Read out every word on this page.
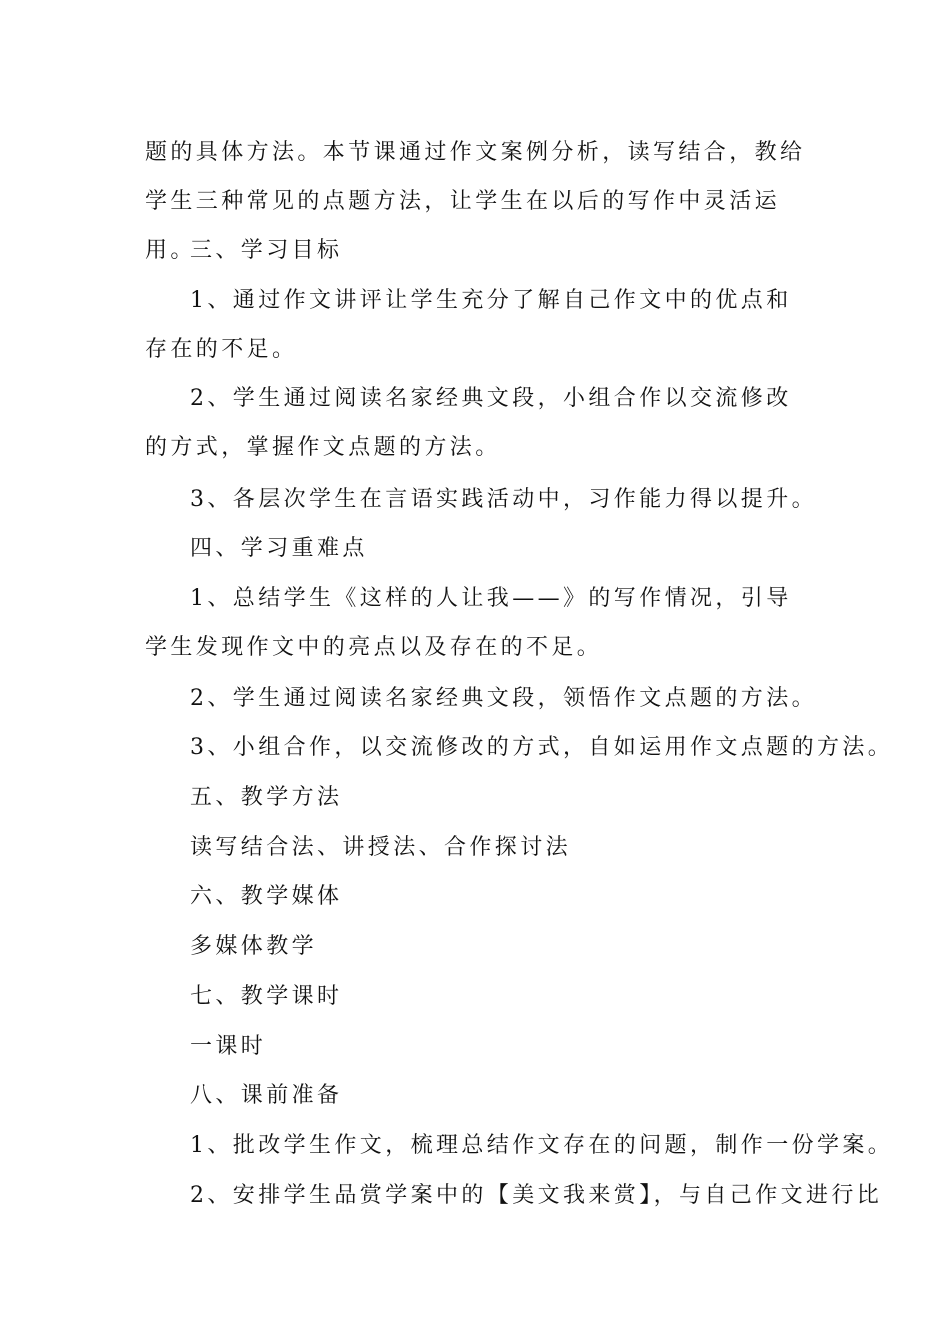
题的具体方法。本节课通过作文案例分析，读写结合，教给学生三种常见的点题方法，让学生在以后的写作中灵活运用。
三、学习目标
1、通过作文讲评让学生充分了解自己作文中的优点和存在的不足。
2、学生通过阅读名家经典文段，小组合作以交流修改的方式，掌握作文点题的方法。
3、各层次学生在言语实践活动中，习作能力得以提升。
四、学习重难点
1、总结学生《这样的人让我——》的写作情况，引导学生发现作文中的亮点以及存在的不足。
2、学生通过阅读名家经典文段，领悟作文点题的方法。
3、小组合作，以交流修改的方式，自如运用作文点题的方法。
五、教学方法
读写结合法、讲授法、合作探讨法
六、教学媒体
多媒体教学
七、教学课时
一课时
八、课前准备
1、批改学生作文，梳理总结作文存在的问题，制作一份学案。
2、安排学生品赏学案中的【美文我来赏】，与自己作文进行比
